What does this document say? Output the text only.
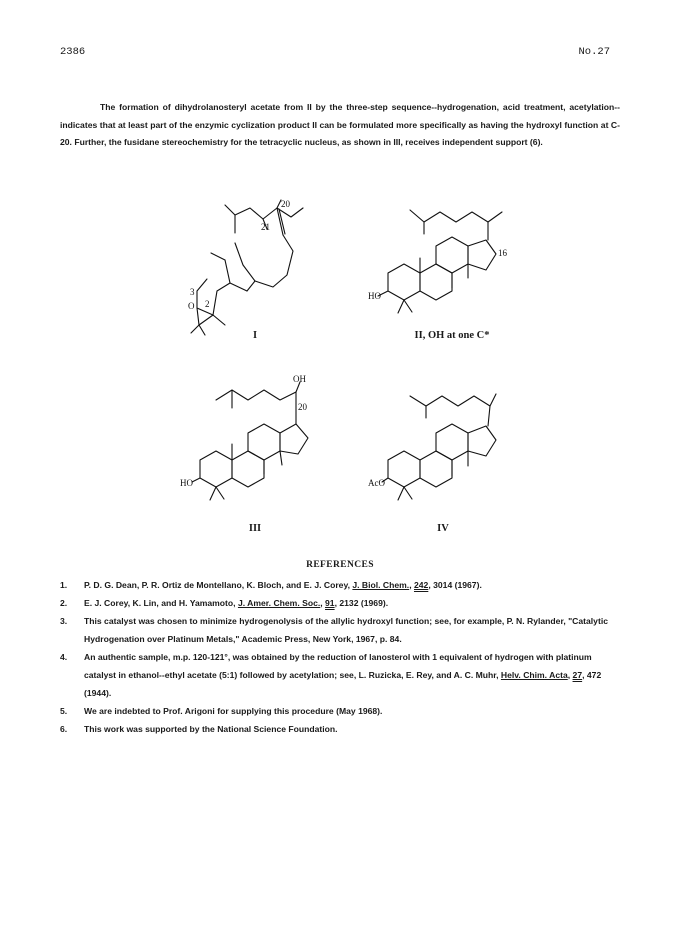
2386	No.27

The formation of dihydrolanosteryl acetate from II by the three-step sequence--hydrogenation, acid treatment, acetylation--indicates that at least part of the enzymic cyclization product II can be formulated more specifically as having the hydroxyl function at C-20. Further, the fusidane stereochemistry for the tetracyclic nucleus, as shown in III, receives independent support (6).

20
21
3
2
O
I
16
HO
II, OH at one C*
OH
20
HO
III
AcO
IV
REFERENCES
1. P. D. G. Dean, P. R. Ortiz de Montellano, K. Bloch, and E. J. Corey, J. Biol. Chem., 242, 3014 (1967).
2. E. J. Corey, K. Lin, and H. Yamamoto, J. Amer. Chem. Soc., 91, 2132 (1969).
3. This catalyst was chosen to minimize hydrogenolysis of the allylic hydroxyl function; see, for example, P. N. Rylander, "Catalytic Hydrogenation over Platinum Metals," Academic Press, New York, 1967, p. 84.
4. An authentic sample, m.p. 120-121°, was obtained by the reduction of lanosterol with 1 equivalent of hydrogen with platinum catalyst in ethanol--ethyl acetate (5:1) followed by acetylation; see, L. Ruzicka, E. Rey, and A. C. Muhr, Helv. Chim. Acta, 27, 472 (1944).
5. We are indebted to Prof. Arigoni for supplying this procedure (May 1968).
6. This work was supported by the National Science Foundation.
